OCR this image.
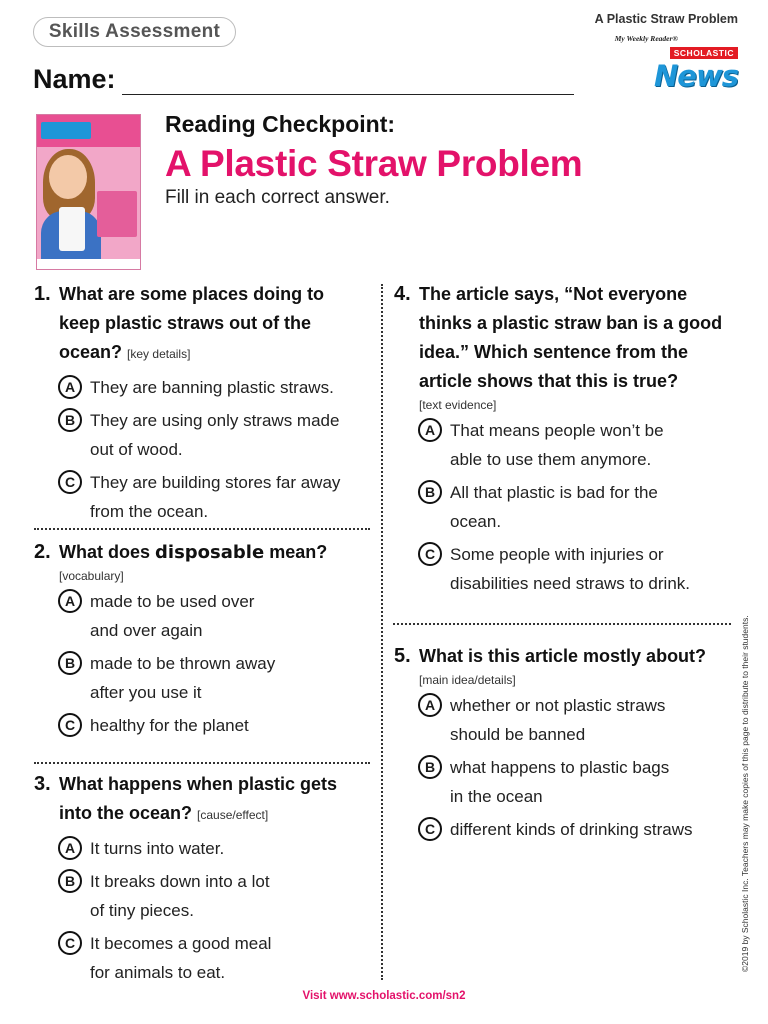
Skills Assessment
Name:
A Plastic Straw Problem
My Weekly Reader®
SCHOLASTIC
News
Reading Checkpoint:
A Plastic Straw Problem
Fill in each correct answer.
1. What are some places doing to
keep plastic straws out of the
ocean? [key details]
A They are banning plastic straws.
B They are using only straws made
out of wood.
C They are building stores far away
from the ocean.
2. What does disposable mean?
[vocabulary]
A made to be used over
and over again
B made to be thrown away
after you use it
C healthy for the planet
3. What happens when plastic gets
into the ocean? [cause/effect]
A It turns into water.
B It breaks down into a lot
of tiny pieces.
C It becomes a good meal
for animals to eat.
4. The article says, “Not everyone
thinks a plastic straw ban is a good
idea.” Which sentence from the
article shows that this is true?
[text evidence]
A That means people won’t be
able to use them anymore.
B All that plastic is bad for the
ocean.
C Some people with injuries or
disabilities need straws to drink.
5. What is this article mostly about?
[main idea/details]
A whether or not plastic straws
should be banned
B what happens to plastic bags
in the ocean
C different kinds of drinking straws
Visit www.scholastic.com/sn2
©2019 by Scholastic Inc. Teachers may make copies of this page to distribute to their students.
